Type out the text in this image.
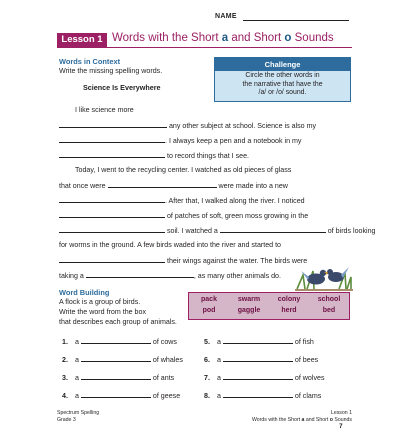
NAME
Lesson 1 Words with the Short a and Short o Sounds
Words in Context
Write the missing spelling words.
Science Is Everywhere
Challenge
Circle the other words in
the narrative that have the
/a/ or /o/ sound.
I like science more
any other subject at school. Science is also my
. I always keep a pen and a notebook in my
to record things that I see.
Today, I went to the recycling center. I watched as old pieces of glass
that once were	were made into a new
. After that, I walked along the river. I noticed
of patches of soft, green moss growing in the
soil. I watched a	of birds looking
for worms in the ground. A few birds waded into the river and started to
their wings against the water. The birds were
taking a	, as many other animals do.
Word Building
A flock is a group of birds.
Write the word from the box
that describes each group of animals.
pack	swarm	colony	school
pod	gaggle	herd	bed
1. a	of cows
2. a	of whales
3. a	of ants
4. a	of geese
5. a	of fish
6. a	of bees
7. a	of wolves
8. a	of clams
Spectrum Spelling
Grade 3
Lesson 1
Words with the Short a and Short o Sounds
7
